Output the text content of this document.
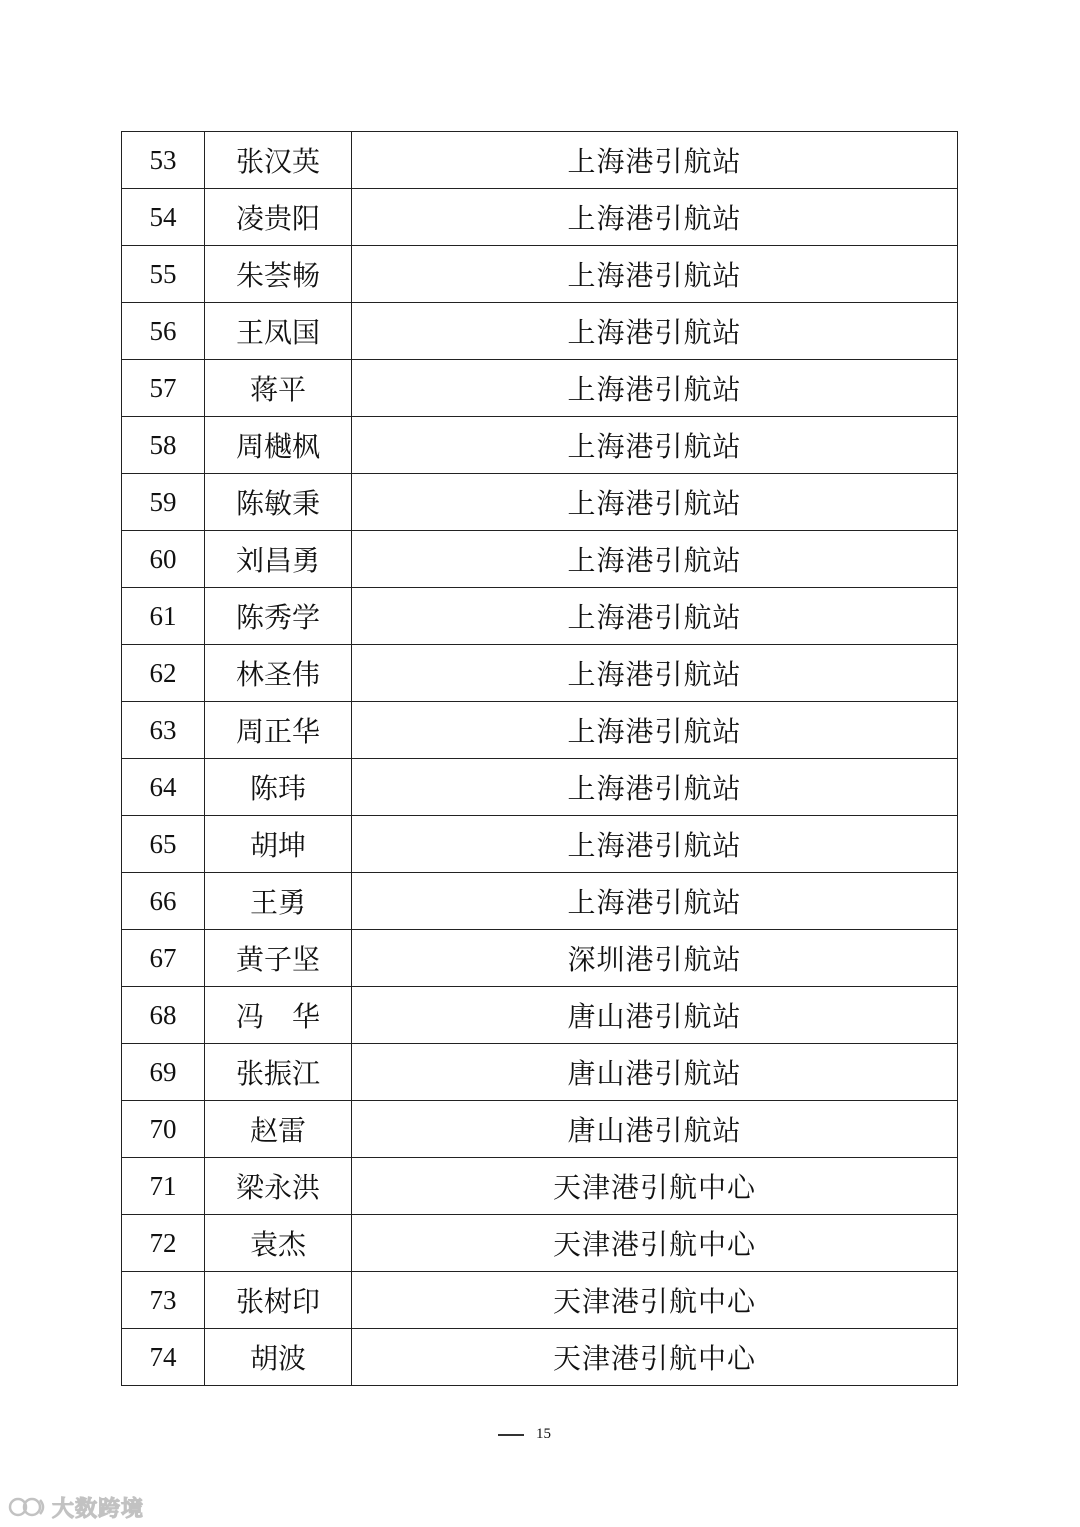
53	张汉英	上海港引航站
54	凌贵阳	上海港引航站
55	朱荟畅	上海港引航站
56	王凤国	上海港引航站
57	蒋平	上海港引航站
58	周樾枫	上海港引航站
59	陈敏秉	上海港引航站
60	刘昌勇	上海港引航站
61	陈秀学	上海港引航站
62	林圣伟	上海港引航站
63	周正华	上海港引航站
64	陈玮	上海港引航站
65	胡坤	上海港引航站
66	王勇	上海港引航站
67	黄子坚	深圳港引航站
68	冯　华	唐山港引航站
69	张振江	唐山港引航站
70	赵雷	唐山港引航站
71	梁永洪	天津港引航中心
72	袁杰	天津港引航中心
73	张树印	天津港引航中心
74	胡波	天津港引航中心
15
大数跨境
